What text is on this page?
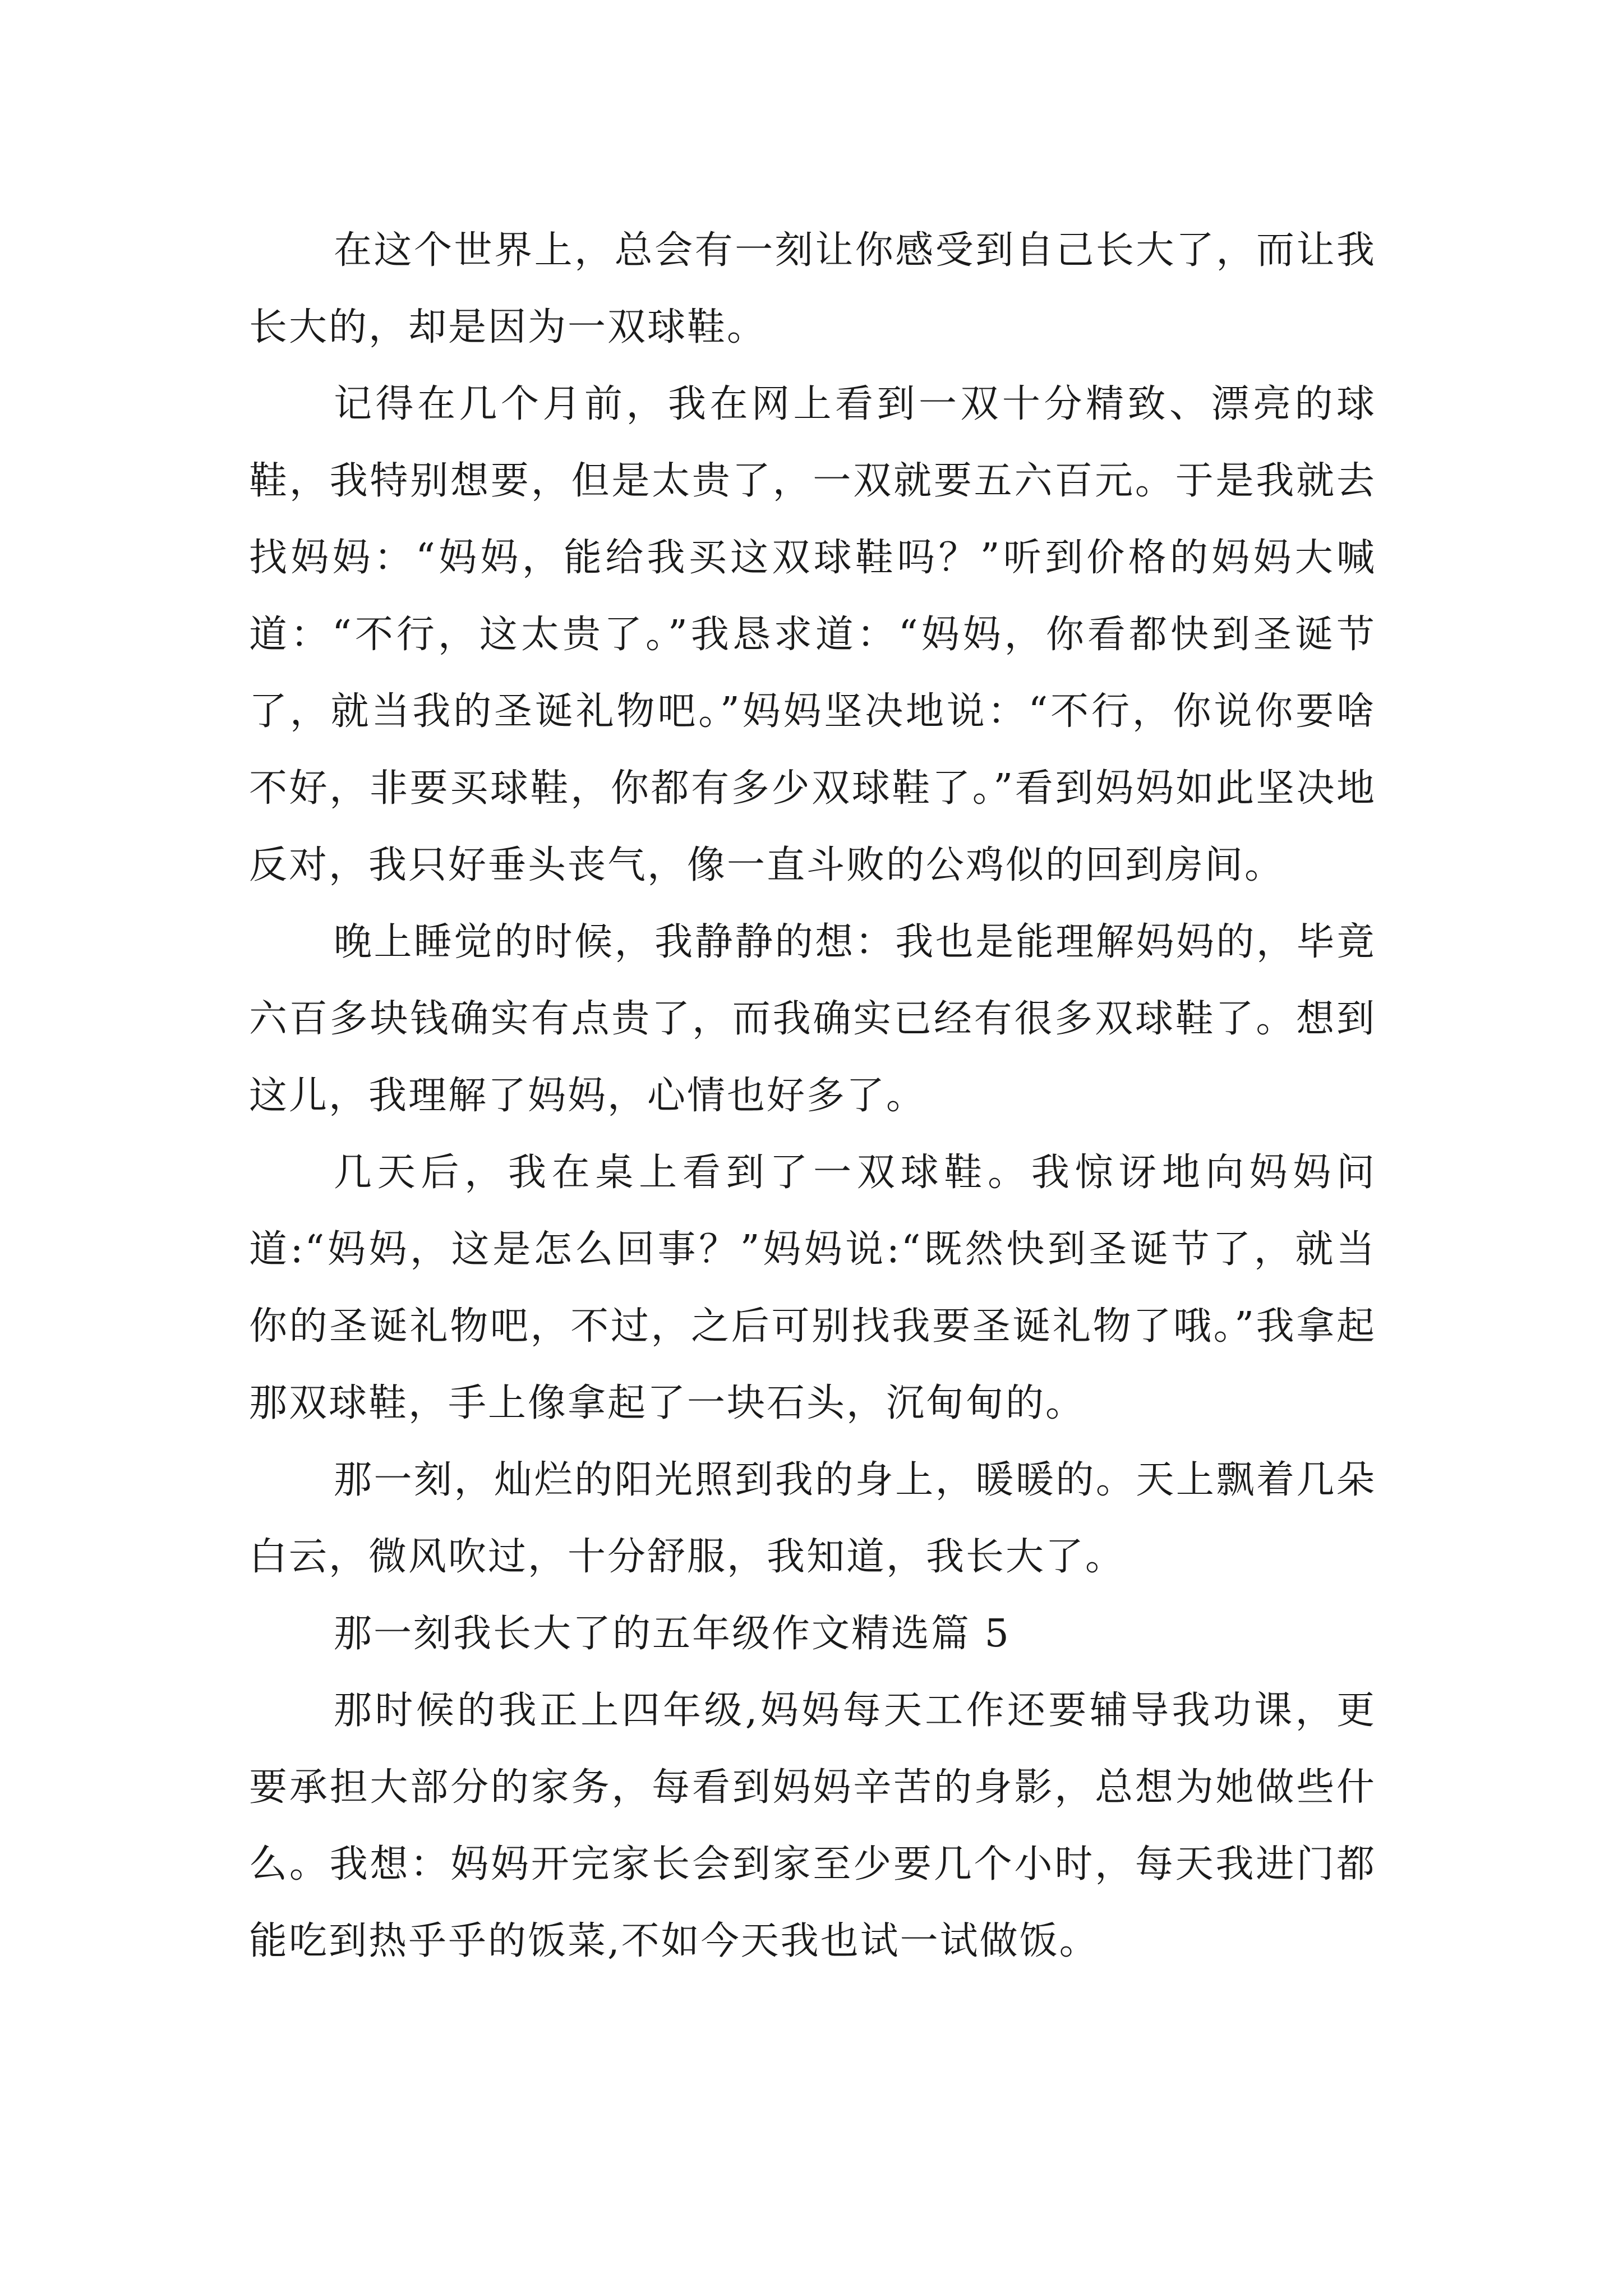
在这个世界上，总会有一刻让你感受到自己长大了，而让我长大的，却是因为一双球鞋。

记得在几个月前，我在网上看到一双十分精致、漂亮的球鞋，我特别想要，但是太贵了，一双就要五六百元。于是我就去找妈妈：“妈妈，能给我买这双球鞋吗？”听到价格的妈妈大喊道：“不行，这太贵了。”我恳求道：“妈妈，你看都快到圣诞节了，就当我的圣诞礼物吧。”妈妈坚决地说：“不行，你说你要啥不好，非要买球鞋，你都有多少双球鞋了。”看到妈妈如此坚决地反对，我只好垂头丧气，像一直斗败的公鸡似的回到房间。

晚上睡觉的时候，我静静的想：我也是能理解妈妈的，毕竟六百多块钱确实有点贵了，而我确实已经有很多双球鞋了。想到这儿，我理解了妈妈，心情也好多了。

几天后，我在桌上看到了一双球鞋。我惊讶地向妈妈问道:“妈妈，这是怎么回事？”妈妈说:“既然快到圣诞节了，就当你的圣诞礼物吧，不过，之后可别找我要圣诞礼物了哦。”我拿起那双球鞋，手上像拿起了一块石头，沉甸甸的。

那一刻，灿烂的阳光照到我的身上，暖暖的。天上飘着几朵白云，微风吹过，十分舒服，我知道，我长大了。

那一刻我长大了的五年级作文精选篇 5

那时候的我正上四年级,妈妈每天工作还要辅导我功课，更要承担大部分的家务，每看到妈妈辛苦的身影，总想为她做些什么。我想：妈妈开完家长会到家至少要几个小时，每天我进门都能吃到热乎乎的饭菜,不如今天我也试一试做饭。
